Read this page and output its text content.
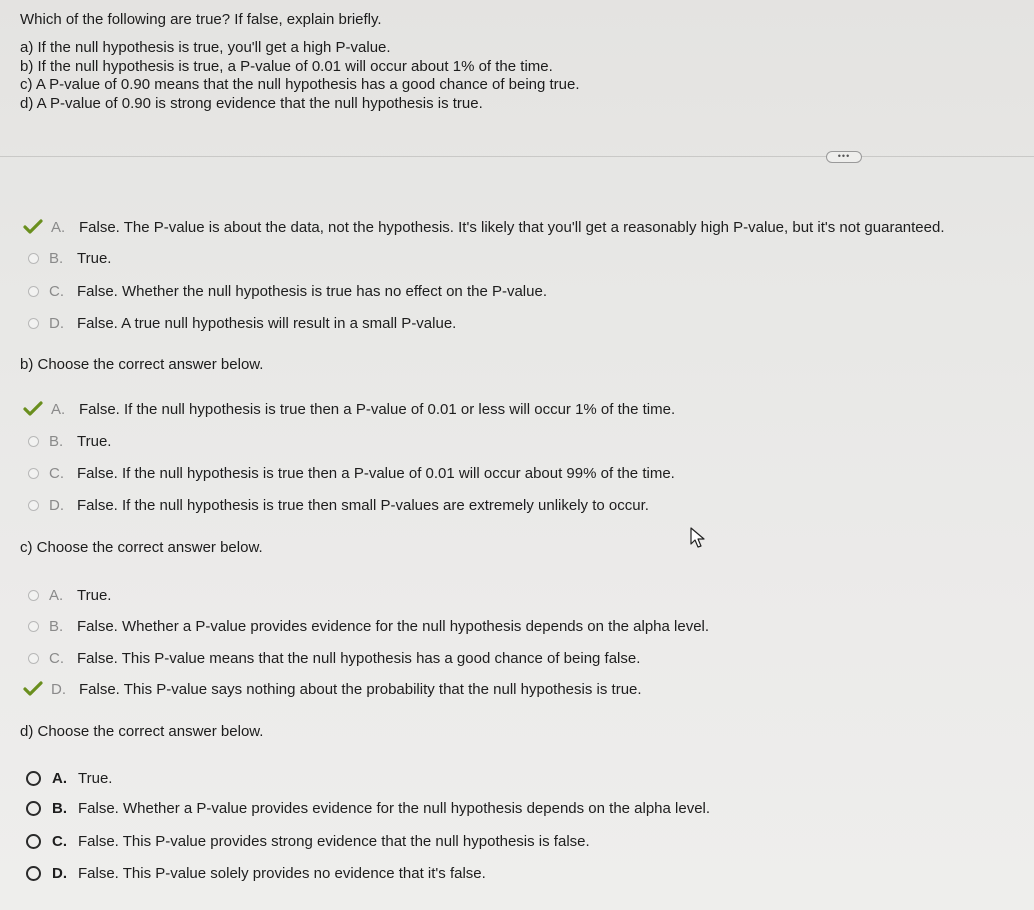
Which of the following are true? If false, explain briefly.
a) If the null hypothesis is true, you'll get a high P-value.
b) If the null hypothesis is true, a P-value of 0.01 will occur about 1% of the time.
c) A P-value of 0.90 means that the null hypothesis has a good chance of being true.
d) A P-value of 0.90 is strong evidence that the null hypothesis is true.
•••
A. False. The P-value is about the data, not the hypothesis. It's likely that you'll get a reasonably high P-value, but it's not guaranteed.
B. True.
C. False. Whether the null hypothesis is true has no effect on the P-value.
D. False. A true null hypothesis will result in a small P-value.
b) Choose the correct answer below.
A. False. If the null hypothesis is true then a P-value of 0.01 or less will occur 1% of the time.
B. True.
C. False. If the null hypothesis is true then a P-value of 0.01 will occur about 99% of the time.
D. False. If the null hypothesis is true then small P-values are extremely unlikely to occur.
c) Choose the correct answer below.
A. True.
B. False. Whether a P-value provides evidence for the null hypothesis depends on the alpha level.
C. False. This P-value means that the null hypothesis has a good chance of being false.
D. False. This P-value says nothing about the probability that the null hypothesis is true.
d) Choose the correct answer below.
A. True.
B. False. Whether a P-value provides evidence for the null hypothesis depends on the alpha level.
C. False. This P-value provides strong evidence that the null hypothesis is false.
D. False. This P-value solely provides no evidence that it's false.
